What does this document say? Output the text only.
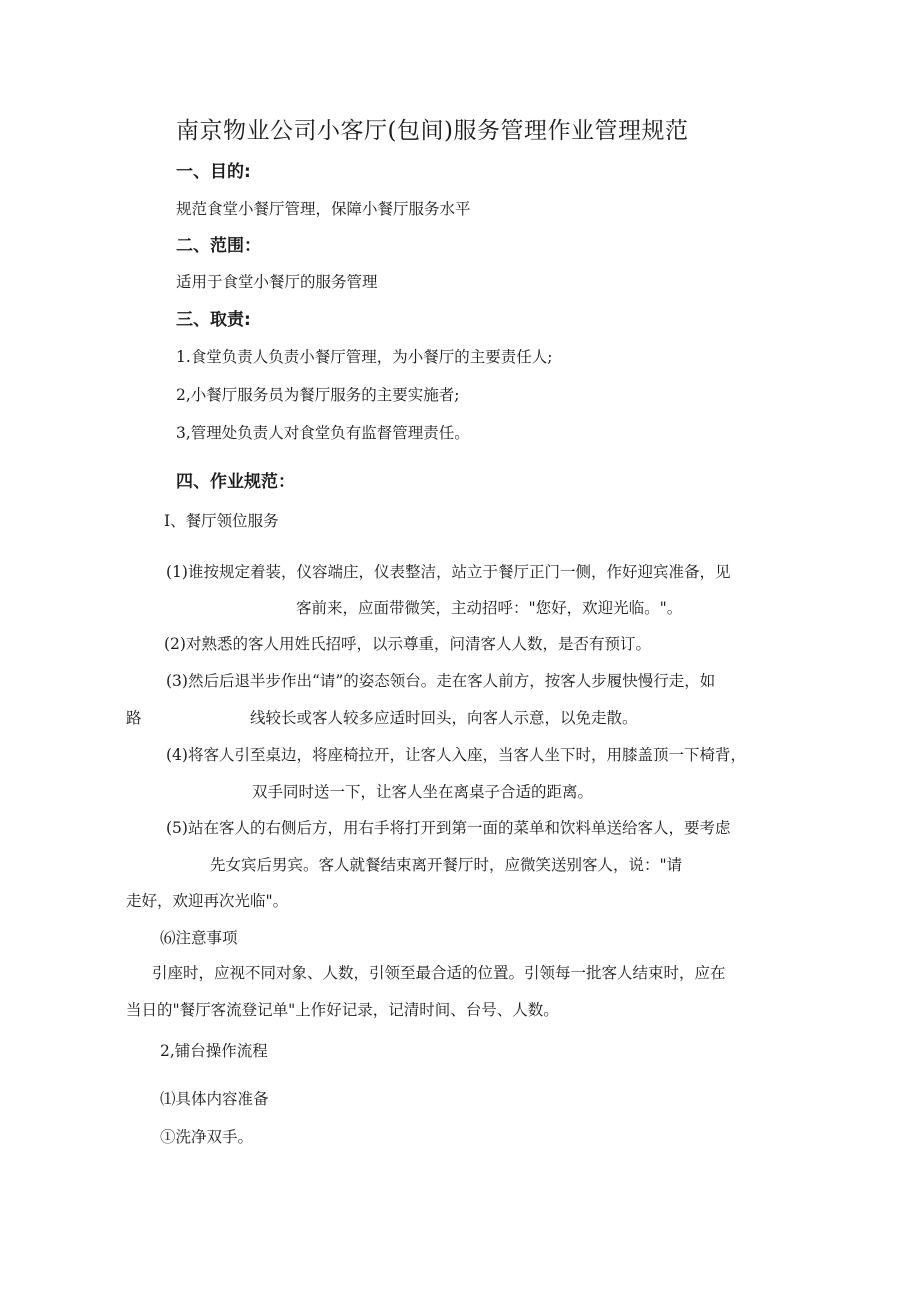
南京物业公司小客厅(包间)服务管理作业管理规范
一、目的:
规范食堂小餐厅管理，保障小餐厅服务水平
二、范围：
适用于食堂小餐厅的服务管理
三、取责:
1.食堂负责人负责小餐厅管理，为小餐厅的主要责任人;
2,小餐厅服务员为餐厅服务的主要实施者;
3,管理处负责人对食堂负有监督管理责任。
四、作业规范：
I、餐厅领位服务
(1)谁按规定着装，仪容端庄，仪表整洁，站立于餐厅正门一侧，作好迎宾准备，见
客前来，应面带微笑，主动招呼："您好，欢迎光临。"。
(2)对熟悉的客人用姓氏招呼，以示尊重，问清客人人数，是否有预订。
(3)然后后退半步作出“请”的姿态领台。走在客人前方，按客人步履快慢行走，如
路	线较长或客人较多应适时回头，向客人示意，以免走散。
(4)将客人引至桌边，将座椅拉开，让客人入座，当客人坐下时，用膝盖顶一下椅背，
双手同时送一下，让客人坐在离桌子合适的距离。
(5)站在客人的右侧后方，用右手将打开到第一面的菜单和饮料单送给客人，要考虑
先女宾后男宾。客人就餐结束离开餐厅时，应微笑送别客人，说："请
走好，欢迎再次光临"。
⑹注意事项
引座时，应视不同对象、人数，引领至最合适的位置。引领每一批客人结束时，应在
当日的"餐厅客流登记单"上作好记录，记清时间、台号、人数。
2,铺台操作流程
⑴具体内容准备
①洗净双手。
